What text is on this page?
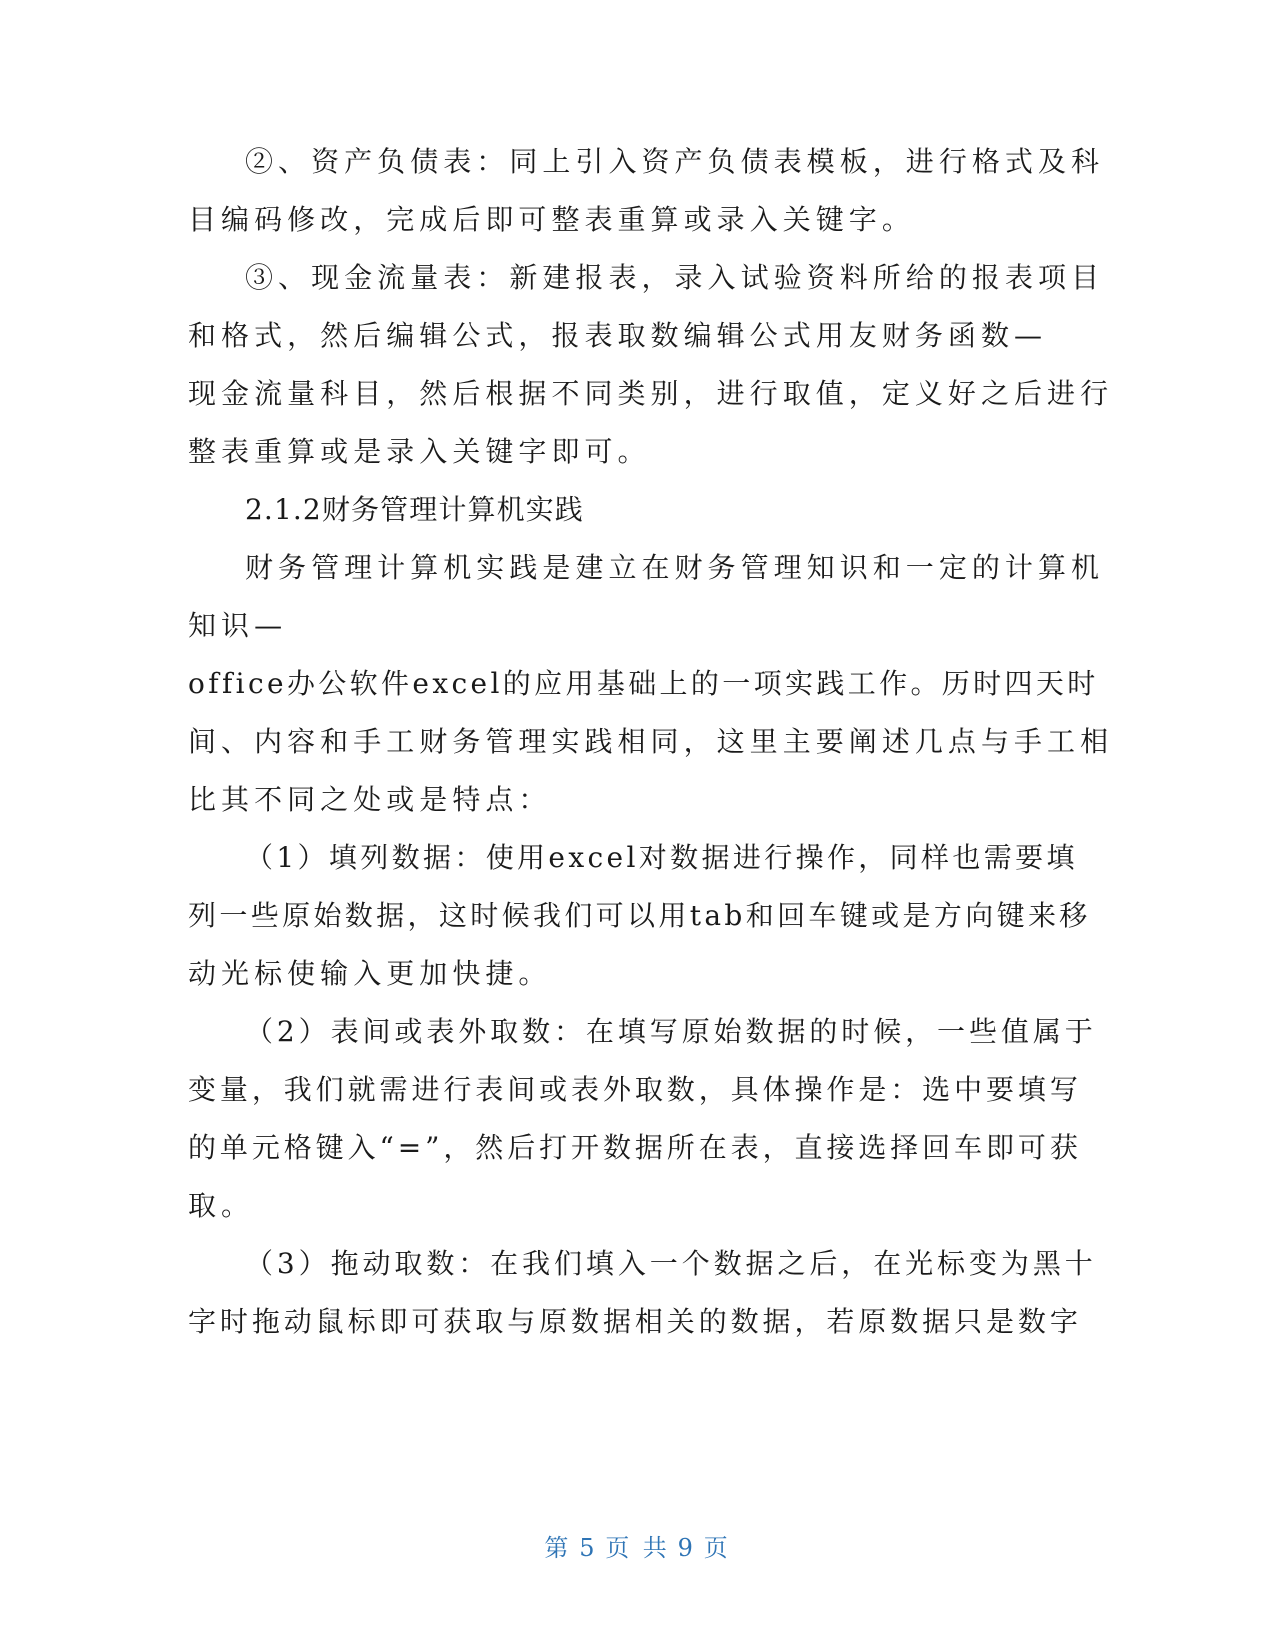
②、资产负债表：同上引入资产负债表模板，进行格式及科
目编码修改，完成后即可整表重算或录入关键字。
③、现金流量表：新建报表，录入试验资料所给的报表项目
和格式，然后编辑公式，报表取数编辑公式用友财务函数—
现金流量科目，然后根据不同类别，进行取值，定义好之后进行
整表重算或是录入关键字即可。
2.1.2财务管理计算机实践
财务管理计算机实践是建立在财务管理知识和一定的计算机
知识—
office办公软件excel的应用基础上的一项实践工作。历时四天时
间、内容和手工财务管理实践相同，这里主要阐述几点与手工相
比其不同之处或是特点：
（1）填列数据：使用excel对数据进行操作，同样也需要填
列一些原始数据，这时候我们可以用tab和回车键或是方向键来移
动光标使输入更加快捷。
（2）表间或表外取数：在填写原始数据的时候，一些值属于
变量，我们就需进行表间或表外取数，具体操作是：选中要填写
的单元格键入“=”，然后打开数据所在表，直接选择回车即可获
取。
（3）拖动取数：在我们填入一个数据之后，在光标变为黑十
字时拖动鼠标即可获取与原数据相关的数据，若原数据只是数字
第 5 页 共 9 页
